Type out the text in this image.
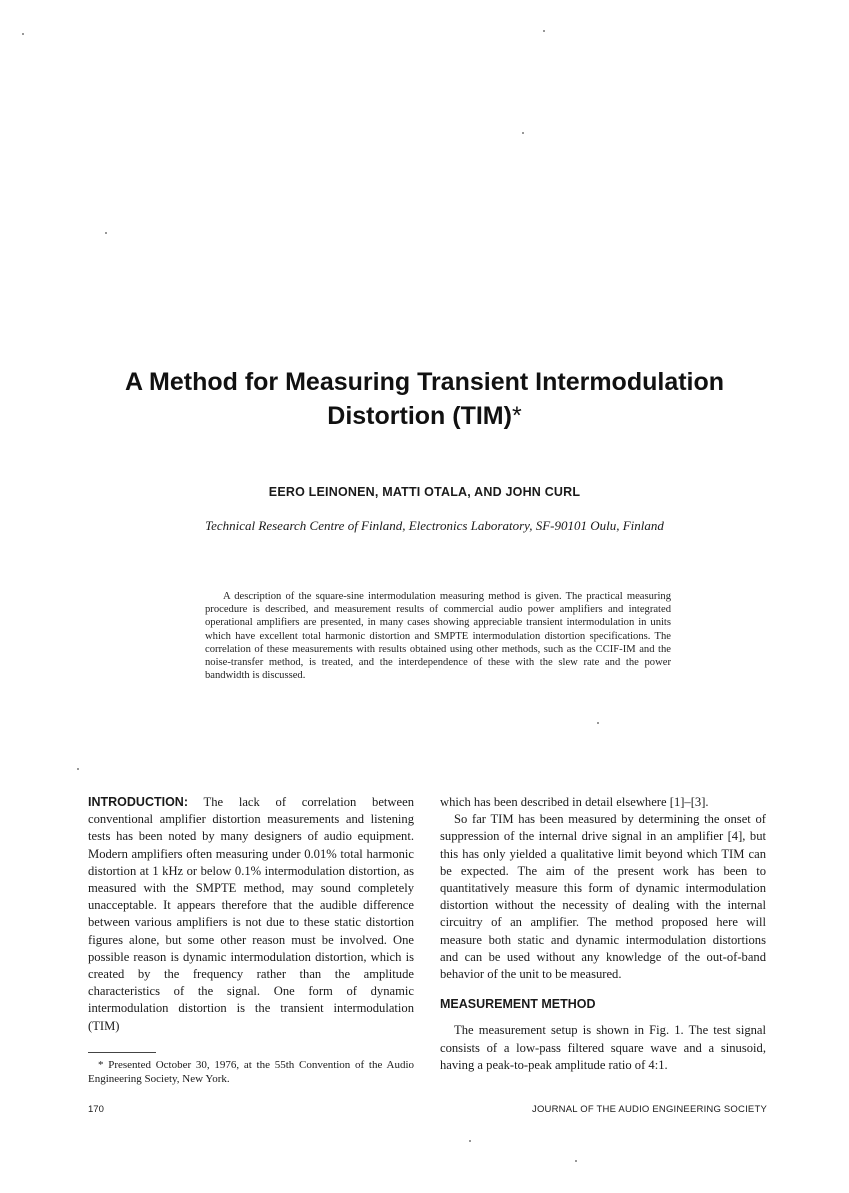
A Method for Measuring Transient Intermodulation
Distortion (TIM)*
EERO LEINONEN, MATTI OTALA, AND JOHN CURL
Technical Research Centre of Finland, Electronics Laboratory, SF-90101 Oulu, Finland
A description of the square-sine intermodulation measuring method is given. The practical measuring procedure is described, and measurement results of commercial audio power amplifiers and integrated operational amplifiers are presented, in many cases showing appreciable transient intermodulation in units which have excellent total harmonic distortion and SMPTE intermodulation distortion specifications. The correlation of these measurements with results obtained using other methods, such as the CCIF-IM and the noise-transfer method, is treated, and the interdependence of these with the slew rate and the power bandwidth is discussed.

INTRODUCTION: The lack of correlation between conventional amplifier distortion measurements and listening tests has been noted by many designers of audio equipment. Modern amplifiers often measuring under 0.01% total harmonic distortion at 1 kHz or below 0.1% intermodulation distortion, as measured with the SMPTE method, may sound completely unacceptable. It appears therefore that the audible difference between various amplifiers is not due to these static distortion figures alone, but some other reason must be involved. One possible reason is dynamic intermodulation distortion, which is created by the frequency rather than the amplitude characteristics of the signal. One form of dynamic intermodulation distortion is the transient intermodulation (TIM)

which has been described in detail elsewhere [1]–[3].

So far TIM has been measured by determining the onset of suppression of the internal drive signal in an amplifier [4], but this has only yielded a qualitative limit beyond which TIM can be expected. The aim of the present work has been to quantitatively measure this form of dynamic intermodulation distortion without the necessity of dealing with the internal circuitry of an amplifier. The method proposed here will measure both static and dynamic intermodulation distortions and can be used without any knowledge of the out-of-band behavior of the unit to be measured.

MEASUREMENT METHOD

The measurement setup is shown in Fig. 1. The test signal consists of a low-pass filtered square wave and a sinusoid, having a peak-to-peak amplitude ratio of 4:1.

* Presented October 30, 1976, at the 55th Convention of the Audio Engineering Society, New York.
170	JOURNAL OF THE AUDIO ENGINEERING SOCIETY
